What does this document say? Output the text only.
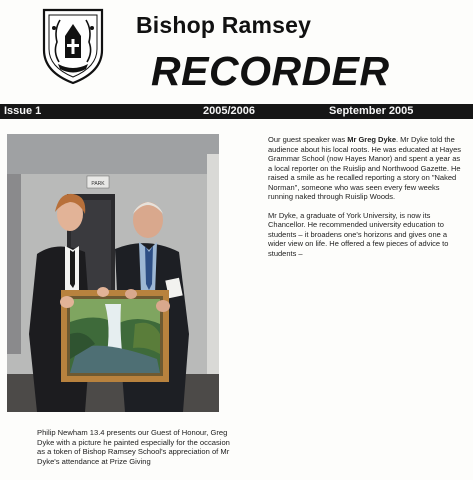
Bishop Ramsey
RECORDER
Issue 1	2005/2006	September 2005
PARK
Philip Newham 13.4 presents our Guest of Honour, Greg Dyke with a picture he painted especially for the occasion as a token of Bishop Ramsey School's appreciation of Mr Dyke's attendance at Prize Giving

Our guest speaker was Mr Greg Dyke. Mr Dyke told the audience about his local roots. He was educated at Hayes Grammar School (now Hayes Manor) and spent a year as a local reporter on the Ruislip and Northwood Gazette. He raised a smile as he recalled reporting a story on "Naked Norman", someone who was seen every few weeks running naked through Ruislip Woods.

Mr Dyke, a graduate of York University, is now its Chancellor. He recommended university education to students – it broadens one's horizons and gives one a wider view on life. He offered a few pieces of advice to students –
